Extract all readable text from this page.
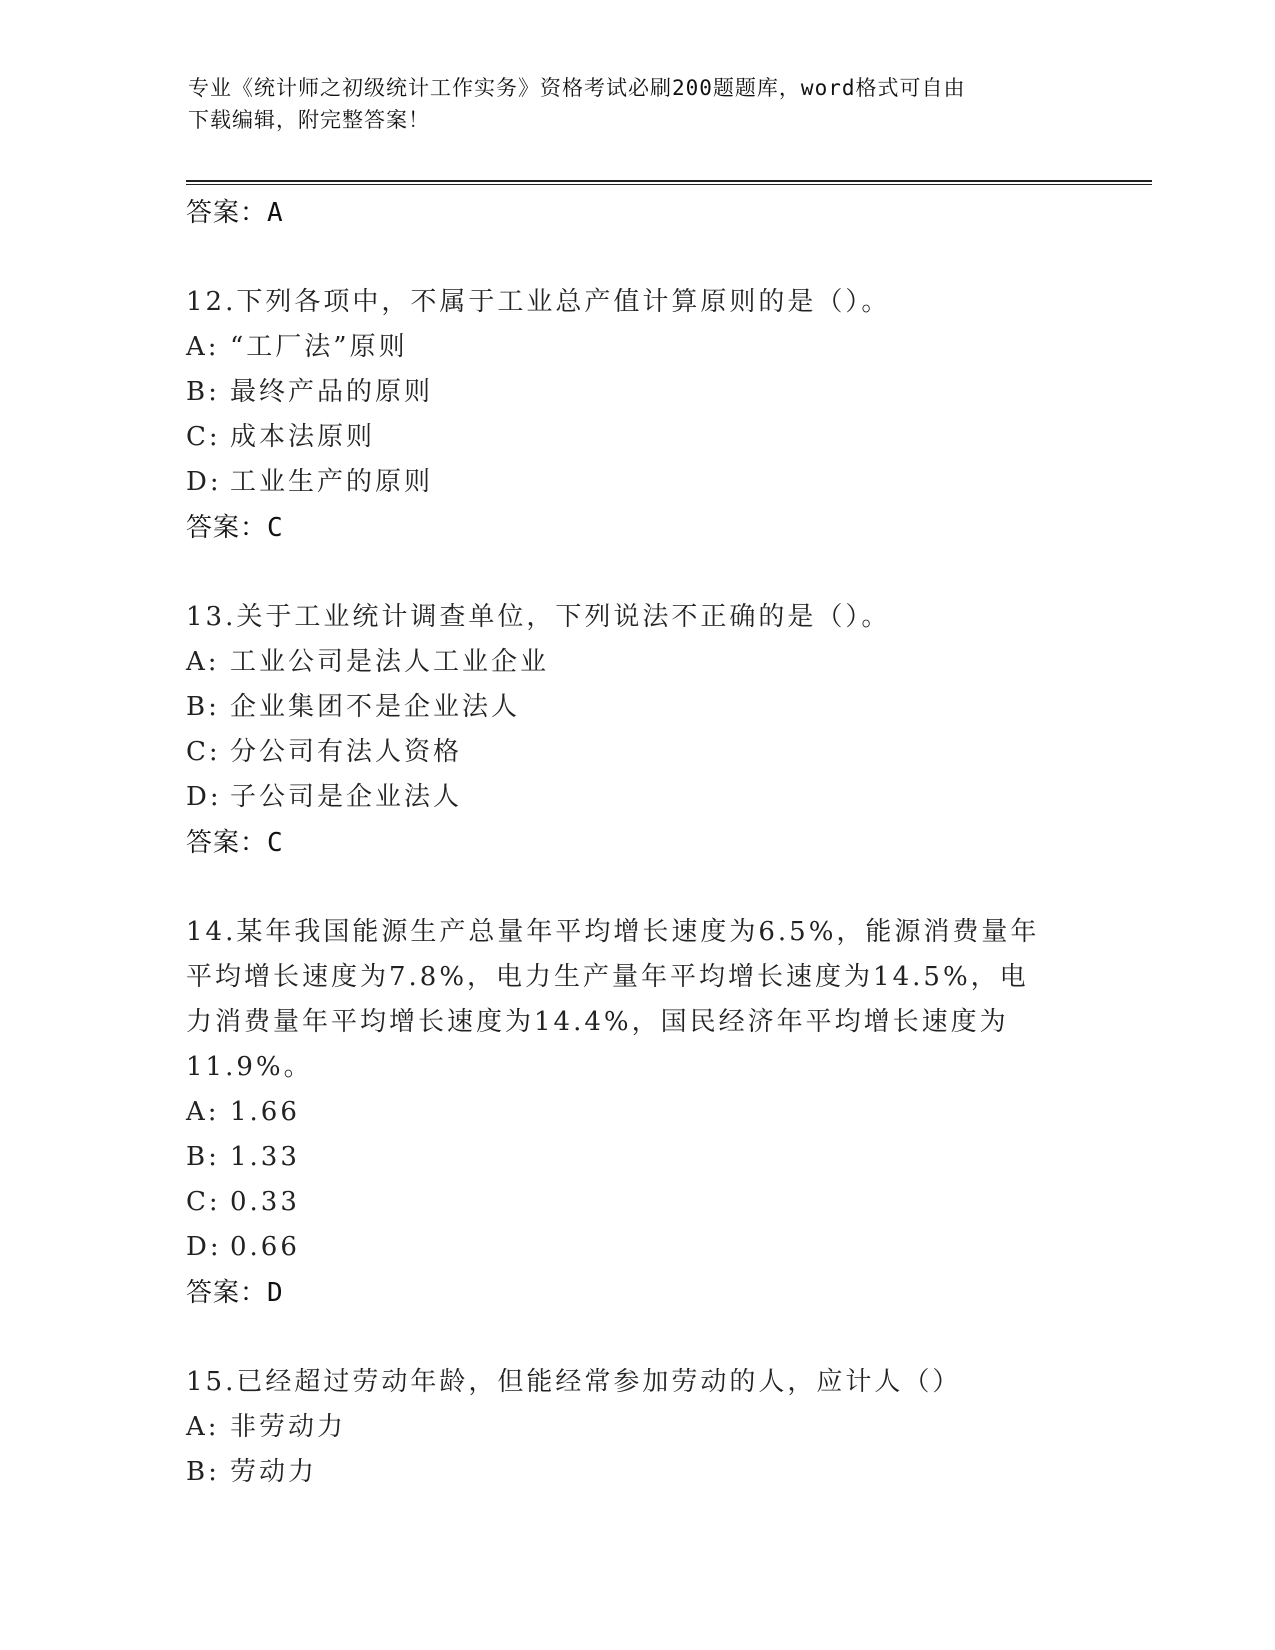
专业《统计师之初级统计工作实务》资格考试必刷200题题库，word格式可自由
下载编辑，附完整答案！
答案：A
12.下列各项中，不属于工业总产值计算原则的是（）。
A: “工厂法”原则
B: 最终产品的原则
C: 成本法原则
D: 工业生产的原则
答案：C
13.关于工业统计调查单位，下列说法不正确的是（）。
A: 工业公司是法人工业企业
B: 企业集团不是企业法人
C: 分公司有法人资格
D: 子公司是企业法人
答案：C
14.某年我国能源生产总量年平均增长速度为6.5%，能源消费量年平均增长速度为7.8%，电力生产量年平均增长速度为14.5%，电力消费量年平均增长速度为14.4%，国民经济年平均增长速度为11.9%。
A: 1.66
B: 1.33
C: 0.33
D: 0.66
答案：D
15.已经超过劳动年龄，但能经常参加劳动的人，应计人（）
A: 非劳动力
B: 劳动力
